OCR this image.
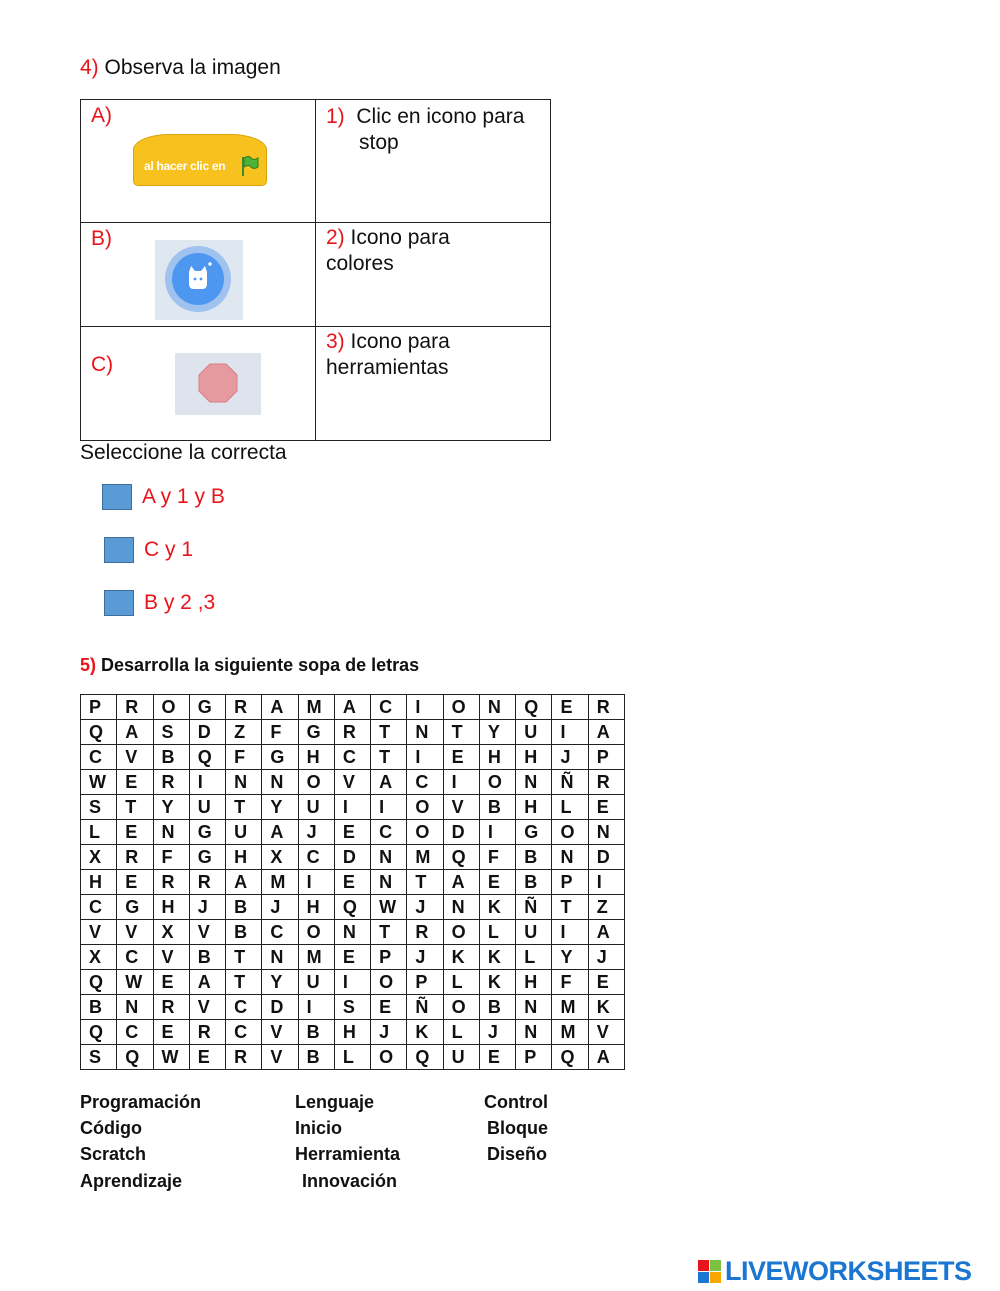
4) Observa la imagen
A)
al hacer clic en	1) Clic en icono para
stop

B)	2) Icono para
colores

C)	3) Icono para
herramientas
Seleccione la correcta
A y 1 y B
C y 1
B y 2 ,3
5) Desarrolla la siguiente sopa de letras
P	R	O	G	R	A	M	A	C	I	O	N	Q	E	R
Q	A	S	D	Z	F	G	R	T	N	T	Y	U	I	A
C	V	B	Q	F	G	H	C	T	I	E	H	H	J	P
W	E	R	I	N	N	O	V	A	C	I	O	N	Ñ	R
S	T	Y	U	T	Y	U	I	I	O	V	B	H	L	E
L	E	N	G	U	A	J	E	C	O	D	I	G	O	N
X	R	F	G	H	X	C	D	N	M	Q	F	B	N	D
H	E	R	R	A	M	I	E	N	T	A	E	B	P	I
C	G	H	J	B	J	H	Q	W	J	N	K	Ñ	T	Z
V	V	X	V	B	C	O	N	T	R	O	L	U	I	A
X	C	V	B	T	N	M	E	P	J	K	K	L	Y	J
Q	W	E	A	T	Y	U	I	O	P	L	K	H	F	E
B	N	R	V	C	D	I	S	E	Ñ	O	B	N	M	K
Q	C	E	R	C	V	B	H	J	K	L	J	N	M	V
S	Q	W	E	R	V	B	L	O	Q	U	E	P	Q	A
Programación
Código
Scratch
Aprendizaje
Lenguaje
Inicio
Herramienta
Innovación
Control
Bloque
Diseño
LIVEWORKSHEETS
